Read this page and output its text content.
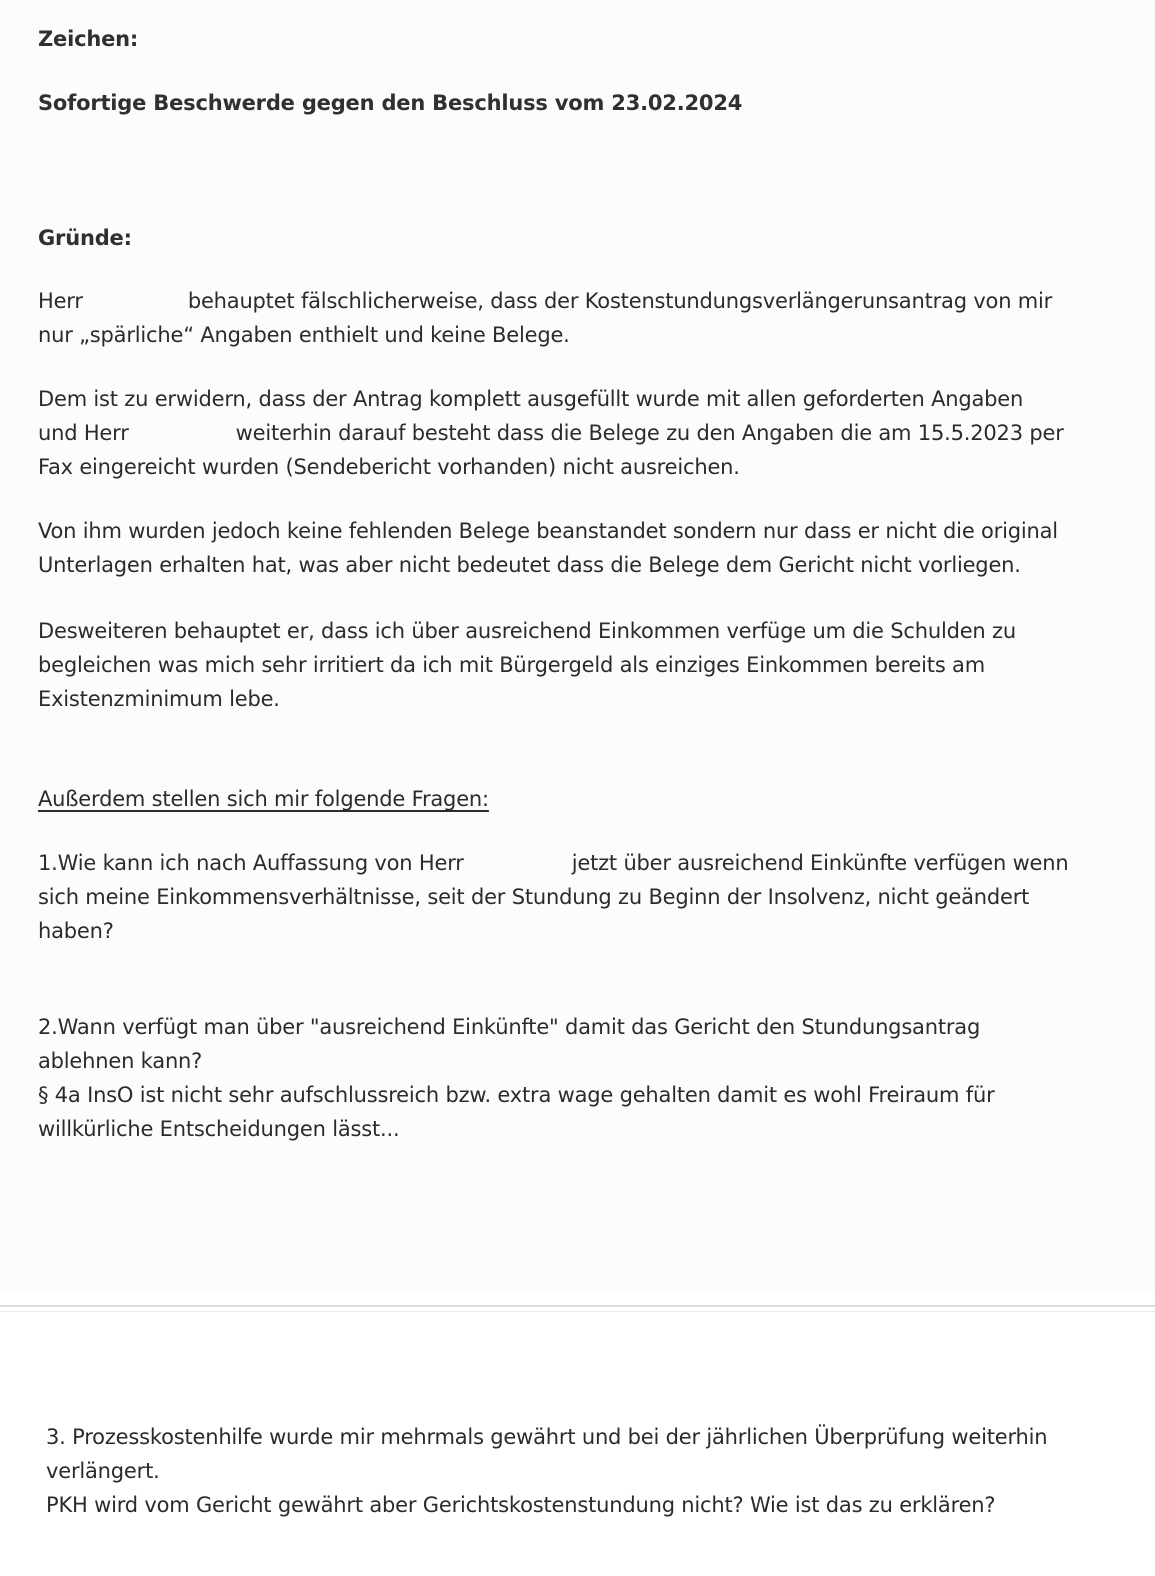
Zeichen:
Sofortige Beschwerde gegen den Beschluss vom 23.02.2024
Gründe:
Herr	behauptet fälschlicherweise, dass der Kostenstundungsverlängerunsantrag von mir
nur „spärliche“ Angaben enthielt und keine Belege.
Dem ist zu erwidern, dass der Antrag komplett ausgefüllt wurde mit allen geforderten Angaben
und Herr	weiterhin darauf besteht dass die Belege zu den Angaben die am 15.5.2023 per
Fax eingereicht wurden (Sendebericht vorhanden) nicht ausreichen.
Von ihm wurden jedoch keine fehlenden Belege beanstandet sondern nur dass er nicht die original
Unterlagen erhalten hat, was aber nicht bedeutet dass die Belege dem Gericht nicht vorliegen.
Desweiteren behauptet er, dass ich über ausreichend Einkommen verfüge um die Schulden zu
begleichen was mich sehr irritiert da ich mit Bürgergeld als einziges Einkommen bereits am
Existenzminimum lebe.
Außerdem stellen sich mir folgende Fragen:
1.Wie kann ich nach Auffassung von Herr	jetzt über ausreichend Einkünfte verfügen wenn
sich meine Einkommensverhältnisse, seit der Stundung zu Beginn der Insolvenz, nicht geändert
haben?
2.Wann verfügt man über "ausreichend Einkünfte" damit das Gericht den Stundungsantrag
ablehnen kann?
§ 4a InsO ist nicht sehr aufschlussreich bzw. extra wage gehalten damit es wohl Freiraum für
willkürliche Entscheidungen lässt...
3. Prozesskostenhilfe wurde mir mehrmals gewährt und bei der jährlichen Überprüfung weiterhin
verlängert.
PKH wird vom Gericht gewährt aber Gerichtskostenstundung nicht? Wie ist das zu erklären?
